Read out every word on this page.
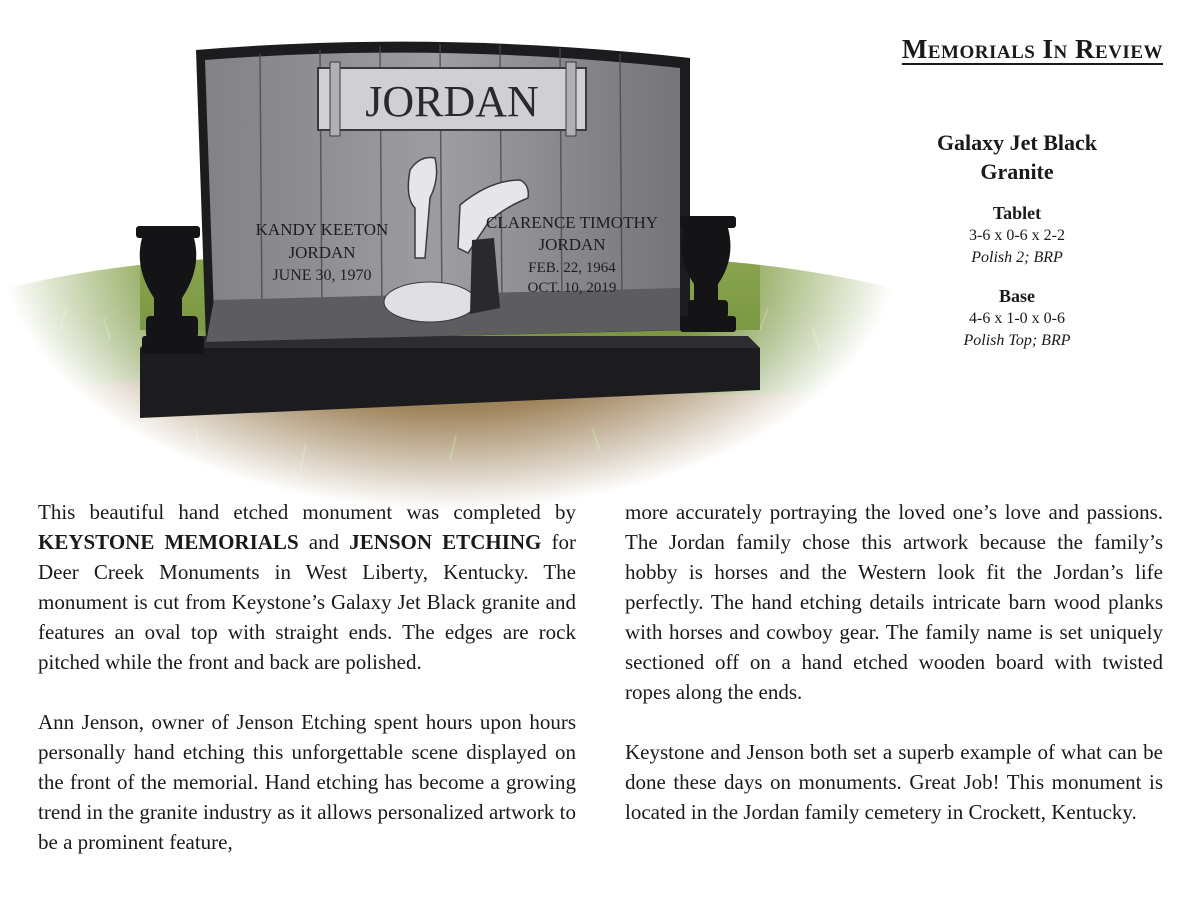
Memorials In Review
Galaxy Jet Black Granite
Tablet
3-6 x 0-6 x 2-2
Polish 2; BRP
Base
4-6 x 1-0 x 0-6
Polish Top; BRP
JORDAN
KANDY KEETON
JORDAN
JUNE 30, 1970
CLARENCE TIMOTHY
JORDAN
FEB. 22, 1964
OCT. 10, 2019

This beautiful hand etched monument was completed by KEYSTONE MEMORIALS and JENSON ETCHING for Deer Creek Monuments in West Liberty, Kentucky. The monument is cut from Keystone’s Galaxy Jet Black granite and features an oval top with straight ends. The edges are rock pitched while the front and back are polished.

Ann Jenson, owner of Jenson Etching spent hours upon hours personally hand etching this unforgettable scene displayed on the front of the memorial. Hand etching has become a growing trend in the granite industry as it allows personalized artwork to be a prominent feature,

more accurately portraying the loved one’s love and passions. The Jordan family chose this artwork because the family’s hobby is horses and the Western look fit the Jordan’s life perfectly. The hand etching details intricate barn wood planks with horses and cowboy gear. The family name is set uniquely sectioned off on a hand etched wooden board with twisted ropes along the ends.

Keystone and Jenson both set a superb example of what can be done these days on monuments. Great Job! This monument is located in the Jordan family cemetery in Crockett, Kentucky.
